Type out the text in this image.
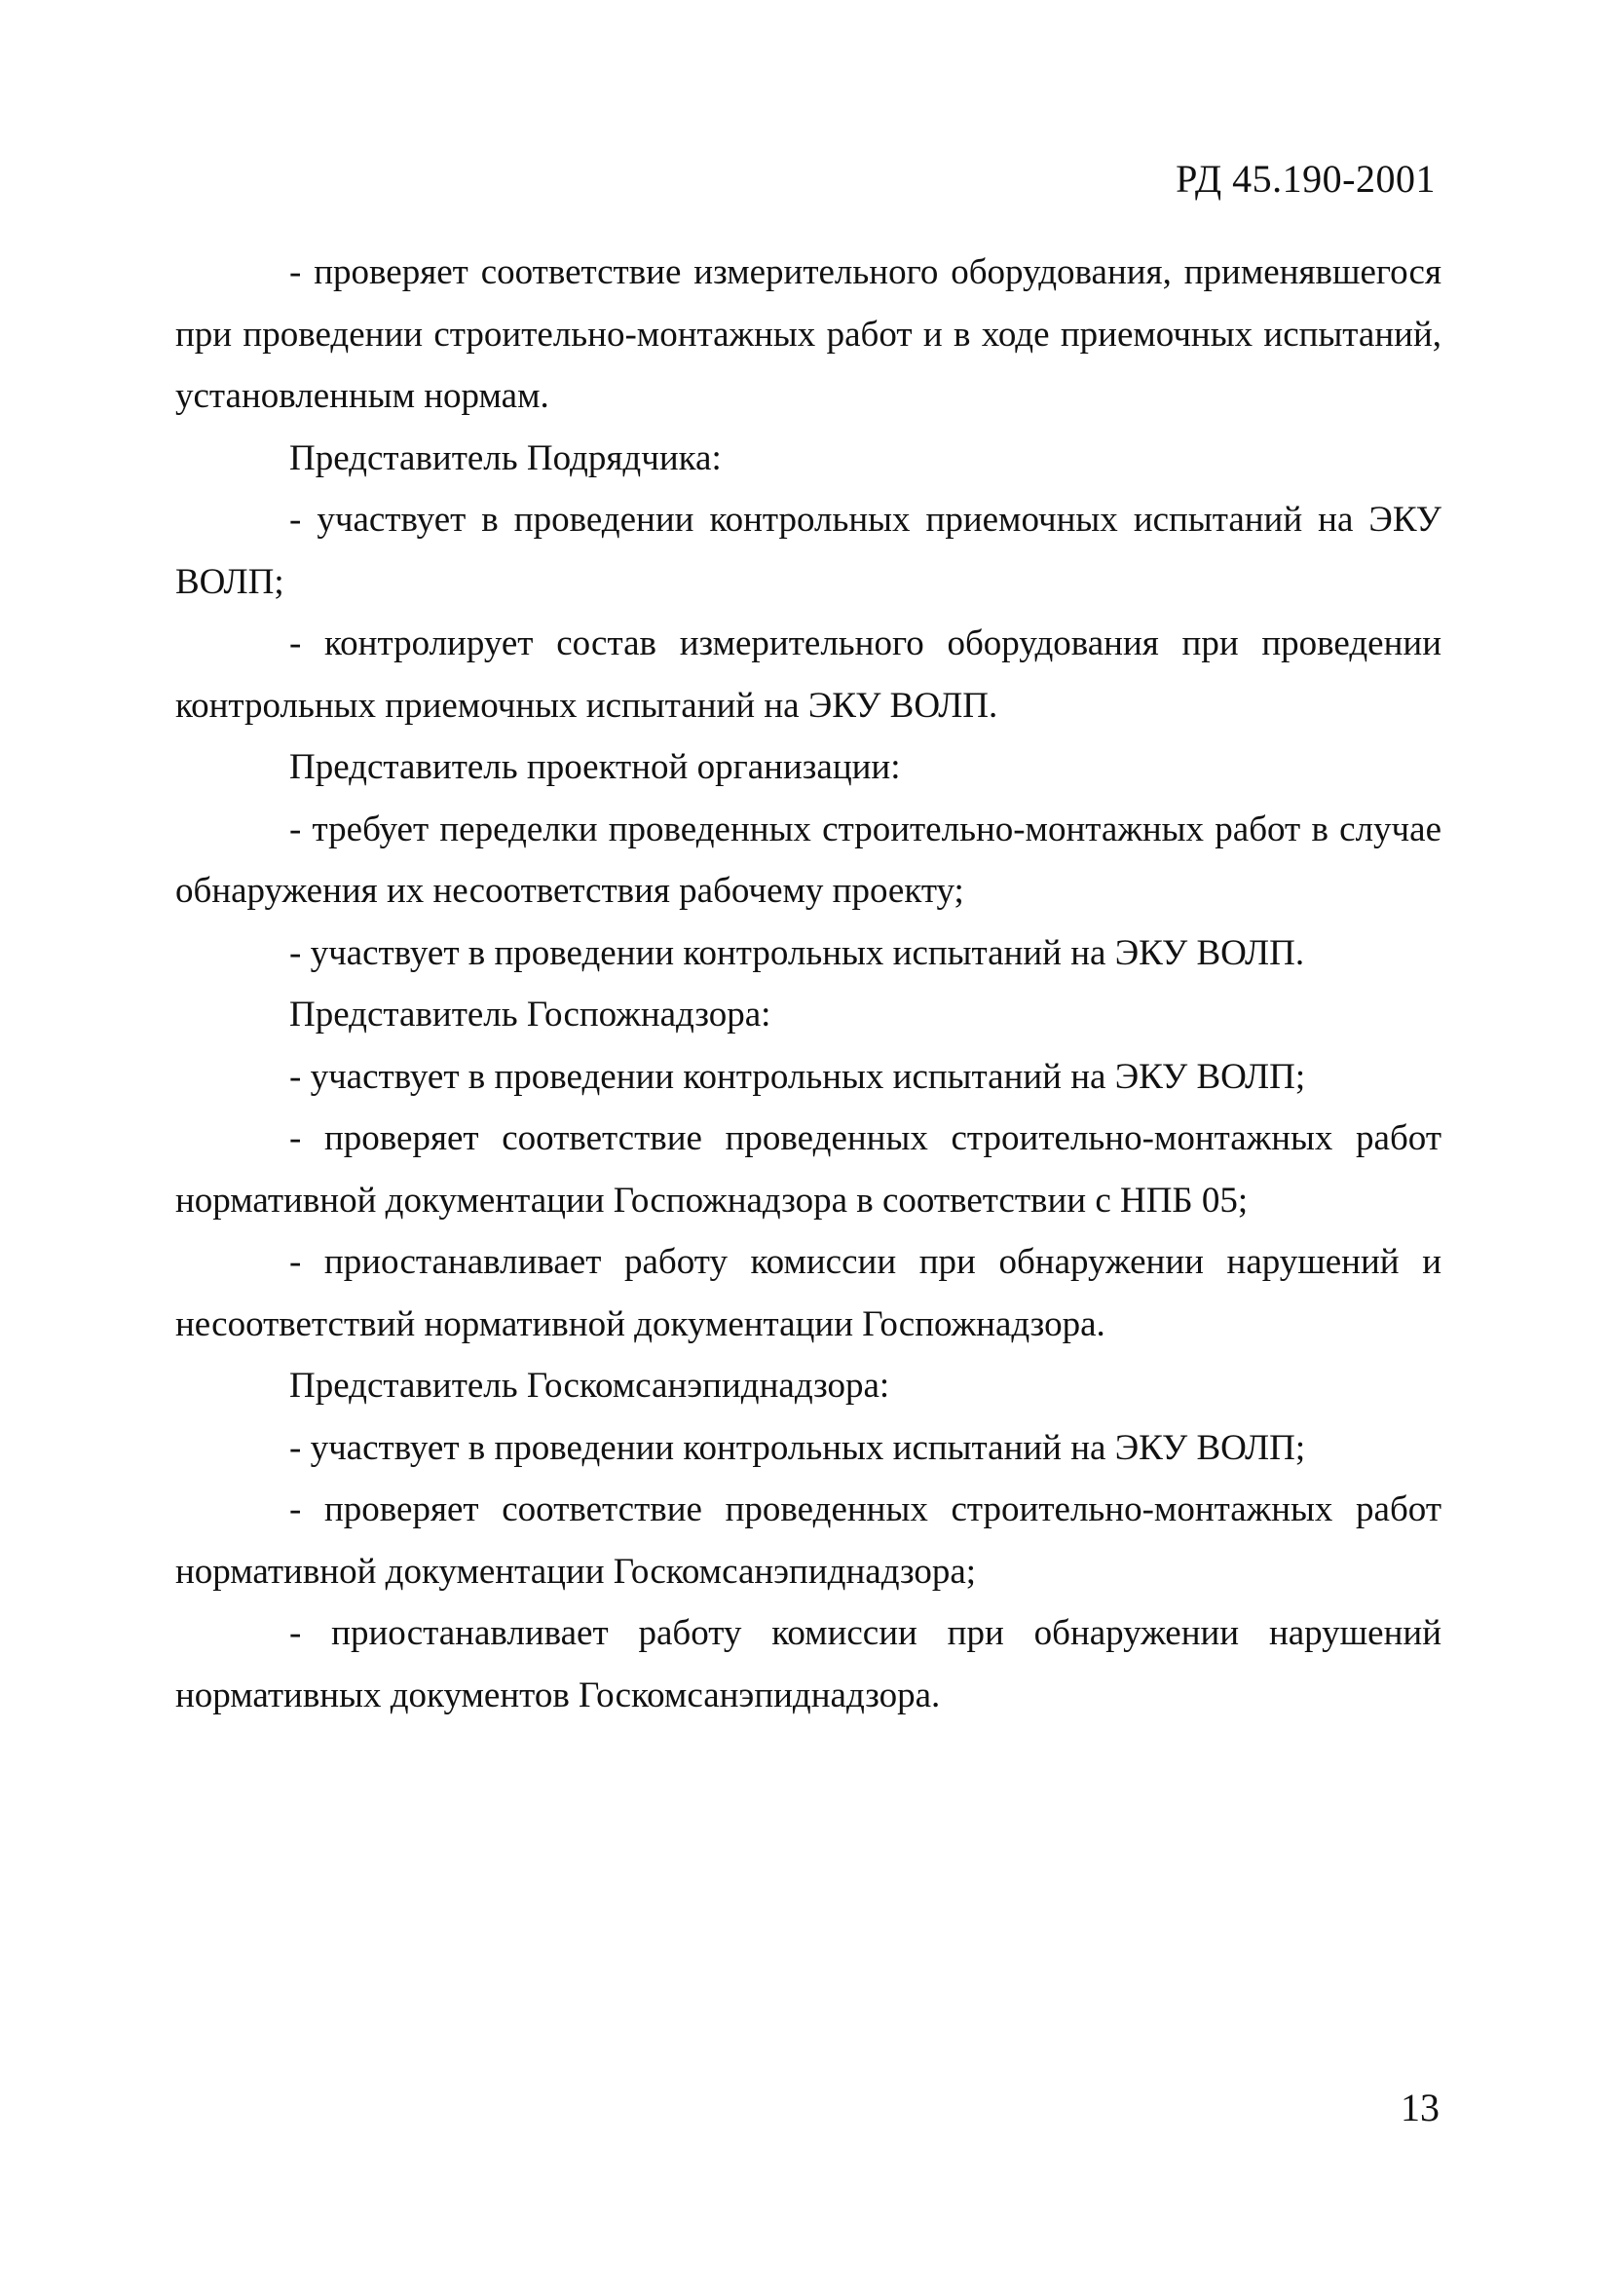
РД 45.190-2001

- проверяет соответствие измерительного оборудования, применявшегося при проведении строительно-монтажных работ и в ходе приемочных испытаний, установленным нормам.

Представитель Подрядчика:

- участвует в проведении контрольных приемочных испытаний на ЭКУ ВОЛП;

- контролирует состав измерительного оборудования при проведении контрольных приемочных испытаний на ЭКУ ВОЛП.

Представитель проектной организации:

- требует переделки проведенных строительно-монтажных работ в случае обнаружения их несоответствия рабочему проекту;

- участвует в проведении контрольных испытаний на ЭКУ ВОЛП.

Представитель Госпожнадзора:

- участвует в проведении контрольных испытаний на ЭКУ ВОЛП;

- проверяет соответствие проведенных строительно-монтажных работ нормативной документации Госпожнадзора в соответствии с НПБ 05;

- приостанавливает работу комиссии при обнаружении нарушений и несоответствий нормативной документации Госпожнадзора.

Представитель Госкомсанэпиднадзора:

- участвует в проведении контрольных испытаний на ЭКУ ВОЛП;

- проверяет соответствие проведенных строительно-монтажных работ нормативной документации Госкомсанэпиднадзора;

- приостанавливает работу комиссии при обнаружении нарушений нормативных документов Госкомсанэпиднадзора.

13
